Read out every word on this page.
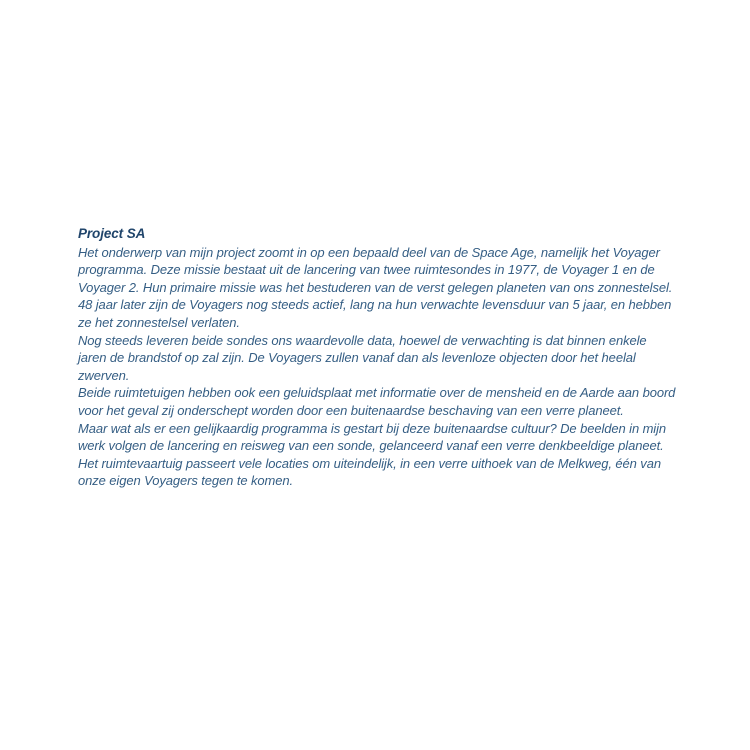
Project SA

Het onderwerp van mijn project zoomt in op een bepaald deel van de Space Age, namelijk het Voyager programma. Deze missie bestaat uit de lancering van twee ruimtesondes in 1977, de Voyager 1 en de Voyager 2. Hun primaire missie was het bestuderen van de verst gelegen planeten van ons zonnestelsel.

48 jaar later zijn de Voyagers nog steeds actief, lang na hun verwachte levensduur van 5 jaar, en hebben ze het zonnestelsel verlaten.

Nog steeds leveren beide sondes ons waardevolle data, hoewel de verwachting is dat binnen enkele jaren de brandstof op zal zijn. De Voyagers zullen vanaf dan als levenloze objecten door het heelal zwerven.

Beide ruimtetuigen hebben ook een geluidsplaat met informatie over de mensheid en de Aarde aan boord voor het geval zij onderschept worden door een buitenaardse beschaving van een verre planeet.

Maar wat als er een gelijkaardig programma is gestart bij deze buitenaardse cultuur? De beelden in mijn werk volgen de lancering en reisweg van een sonde, gelanceerd vanaf een verre denkbeeldige planeet. Het ruimtevaartuig passeert vele locaties om uiteindelijk, in een verre uithoek van de Melkweg, één van onze eigen Voyagers tegen te komen.
